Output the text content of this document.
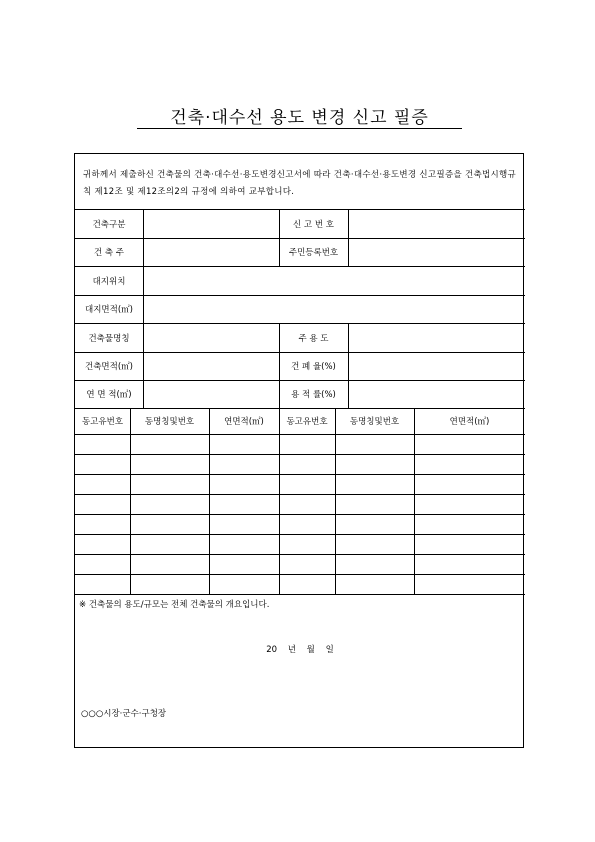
건축·대수선 용도 변경 신고 필증
귀하께서 제출하신 건축물의 건축·대수선·용도변경신고서에 따라 건축·대수선·용도변경 신고필증을 건축법시행규칙 제12조 및 제12조의2의 규정에 의하여 교부합니다.
건축구분	신 고 번 호
건 축 주	주민등록번호
대지위치
대지면적(㎡)
건축물명칭	주 용 도
건축면적(㎡)	건 폐 율(%)
연 면 적(㎡)	용 적 률(%)
동고유번호	동명칭및번호	연면적(㎡)	동고유번호	동명칭및번호	연면적(㎡)
※ 건축물의 용도/규모는 전체 건축물의 개요입니다.
20 년 월 일
○○○시장·군수·구청장
